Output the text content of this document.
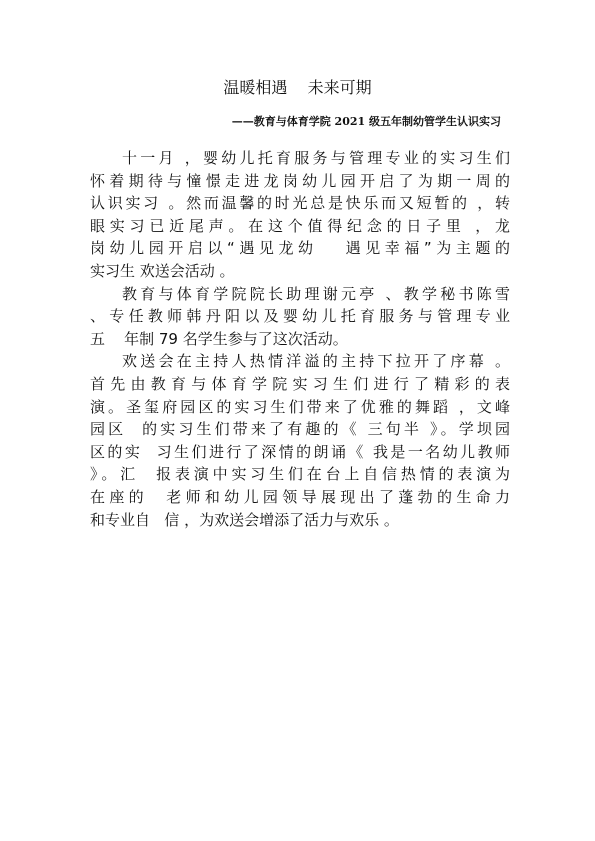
温暖相遇    未来可期
——教育与体育学院 2021 级五年制幼管学生认识实习
十一月 ，婴幼儿托育服务与管理专业的实习生们
怀着期待与憧憬走进龙岗幼儿园开启了为期一周的
认识实习 。然而温馨的时光总是快乐而又短暂的 ，转
眼实习已近尾声。在这个值得纪念的日子里 ，龙
岗幼儿园开启以“遇见龙幼   遇见幸福”为主题的
实习生 欢送会活动 。
教育与体育学院院长助理谢元亭 、教学秘书陈雪
、专任教师韩丹阳以及婴幼儿托育服务与管理专业
五    年制 79 名学生参与了这次活动。
欢送会在主持人热情洋溢的主持下拉开了序幕 。
首先由教育与体育学院实习生们进行了精彩的表
演。圣玺府园区的实习生们带来了优雅的舞蹈 ，文峰
园区  的实习生们带来了有趣的《 三句半 》。学坝园
区的实  习生们进行了深情的朗诵《 我是一名幼儿教师
》。汇  报表演中实习生们在台上自信热情的表演为
在座的  老师和幼儿园领导展现出了蓬勃的生命力
和专业自   信 ，为欢送会增添了活力与欢乐 。
